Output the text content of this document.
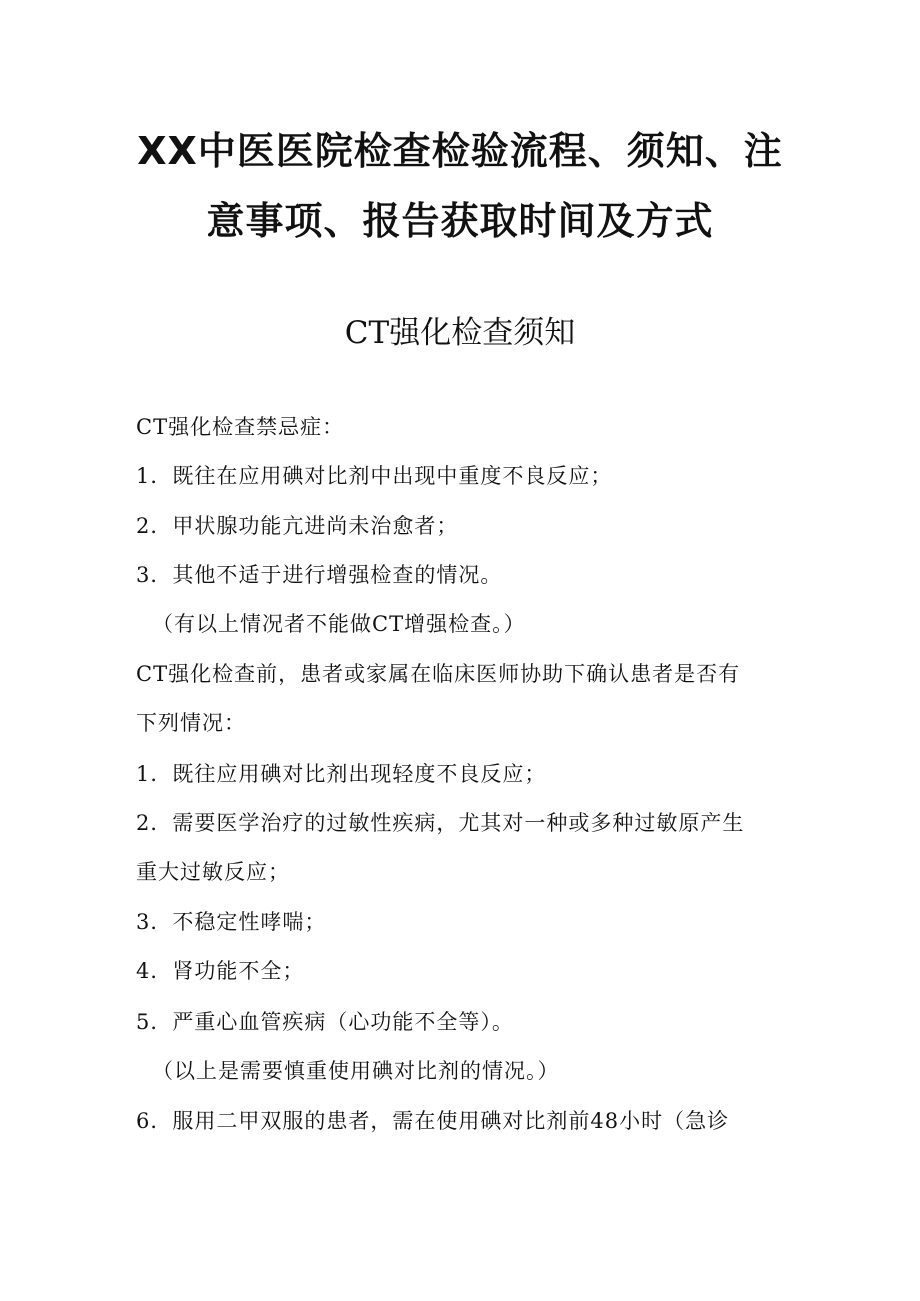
XX中医医院检查检验流程、须知、注
意事项、报告获取时间及方式
CT强化检查须知
CT强化检查禁忌症：
1．既往在应用碘对比剂中出现中重度不良反应；
2．甲状腺功能亢进尚未治愈者；
3．其他不适于进行增强检查的情况。
（有以上情况者不能做CT增强检查。）
CT强化检查前，患者或家属在临床医师协助下确认患者是否有
下列情况：
1．既往应用碘对比剂出现轻度不良反应；
2．需要医学治疗的过敏性疾病，尤其对一种或多种过敏原产生
重大过敏反应；
3．不稳定性哮喘；
4．肾功能不全；
5．严重心血管疾病（心功能不全等）。
（以上是需要慎重使用碘对比剂的情况。）
6．服用二甲双服的患者，需在使用碘对比剂前48小时（急诊
